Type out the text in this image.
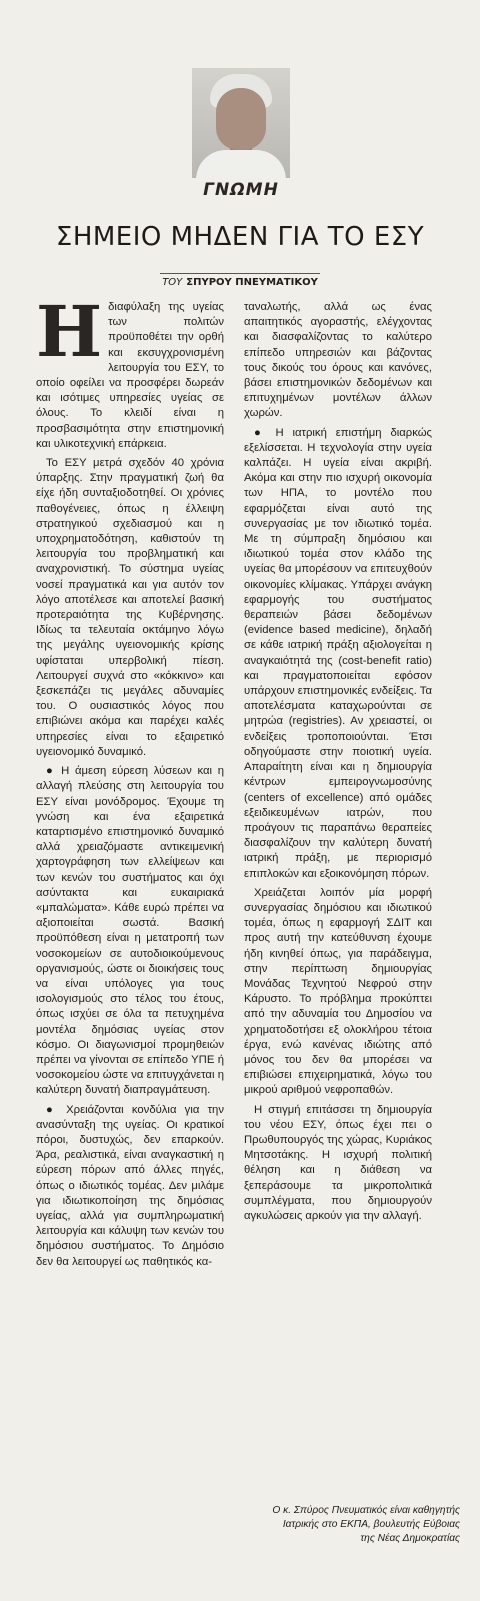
ΓΝΩΜΗ
ΣΗΜΕΙΟ ΜΗΔΕΝ ΓΙΑ ΤΟ ΕΣΥ
ΤΟΥ ΣΠΥΡΟΥ ΠΝΕΥΜΑΤΙΚΟΥ
Η διαφύλαξη της υγείας των πολιτών προϋποθέτει την ορθή και εκσυγχρονισμένη λειτουργία του ΕΣΥ, το οποίο οφείλει να προσφέρει δωρεάν και ισότιμες υπηρεσίες υγείας σε όλους. Το κλειδί είναι η προσβασιμότητα στην επιστημονική και υλικοτεχνική επάρκεια.

Το ΕΣΥ μετρά σχεδόν 40 χρόνια ύπαρξης. Στην πραγματική ζωή θα είχε ήδη συνταξιοδοτηθεί. Οι χρόνιες παθογένειες, όπως η έλλειψη στρατηγικού σχεδιασμού και η υποχρηματοδότηση, καθιστούν τη λειτουργία του προβληματική και αναχρονιστική. Το σύστημα υγείας νοσεί πραγματικά και για αυτόν τον λόγο αποτέλεσε και αποτελεί βασική προτεραιότητα της Κυβέρνησης. Ιδίως τα τελευταία οκτάμηνο λόγω της μεγάλης υγειονομικής κρίσης υφίσταται υπερβολική πίεση. Λειτουργεί συχνά στο «κόκκινο» και ξεσκεπάζει τις μεγάλες αδυναμίες του. Ο ουσιαστικός λόγος που επιβιώνει ακόμα και παρέχει καλές υπηρεσίες είναι το εξαιρετικό υγειονομικό δυναμικό.

● Η άμεση εύρεση λύσεων και η αλλαγή πλεύσης στη λειτουργία του ΕΣΥ είναι μονόδρομος. Έχουμε τη γνώση και ένα εξαιρετικά καταρτισμένο επιστημονικό δυναμικό αλλά χρειαζόμαστε αντικειμενική χαρτογράφηση των ελλείψεων και των κενών του συστήματος και όχι ασύντακτα και ευκαιριακά «μπαλώματα». Κάθε ευρώ πρέπει να αξιοποιείται σωστά. Βασική προϋπόθεση είναι η μετατροπή των νοσοκομείων σε αυτοδιοικούμενους οργανισμούς, ώστε οι διοικήσεις τους να είναι υπόλογες για τους ισολογισμούς στο τέλος του έτους, όπως ισχύει σε όλα τα πετυχημένα μοντέλα δημόσιας υγείας στον κόσμο. Οι διαγωνισμοί προμηθειών πρέπει να γίνονται σε επίπεδο ΥΠΕ ή νοσοκομείου ώστε να επιτυγχάνεται η καλύτερη δυνατή διαπραγμάτευση.

● Χρειάζονται κονδύλια για την ανασύνταξη της υγείας. Οι κρατικοί πόροι, δυστυχώς, δεν επαρκούν. Άρα, ρεαλιστικά, είναι αναγκαστική η εύρεση πόρων από άλλες πηγές, όπως ο ιδιωτικός τομέας. Δεν μιλάμε για ιδιωτικοποίηση της δημόσιας υγείας, αλλά για συμπληρωματική λειτουργία και κάλυψη των κενών του δημόσιου συστήματος. Το Δημόσιο δεν θα λειτουργεί ως παθητικός κα-

ταναλωτής, αλλά ως ένας απαιτητικός αγοραστής, ελέγχοντας και διασφαλίζοντας το καλύτερο επίπεδο υπηρεσιών και βάζοντας τους δικούς του όρους και κανόνες, βάσει επιστημονικών δεδομένων και επιτυχημένων μοντέλων άλλων χωρών.

● Η ιατρική επιστήμη διαρκώς εξελίσσεται. Η τεχνολογία στην υγεία καλπάζει. Η υγεία είναι ακριβή. Ακόμα και στην πιο ισχυρή οικονομία των ΗΠΑ, το μοντέλο που εφαρμόζεται είναι αυτό της συνεργασίας με τον ιδιωτικό τομέα. Με τη σύμπραξη δημόσιου και ιδιωτικού τομέα στον κλάδο της υγείας θα μπορέσουν να επιτευχθούν οικονομίες κλίμακας. Υπάρχει ανάγκη εφαρμογής του συστήματος θεραπειών βάσει δεδομένων (evidence based medicine), δηλαδή σε κάθε ιατρική πράξη αξιολογείται η αναγκαιότητά της (cost-benefit ratio) και πραγματοποιείται εφόσον υπάρχουν επιστημονικές ενδείξεις. Τα αποτελέσματα καταχωρούνται σε μητρώα (registries). Αν χρειαστεί, οι ενδείξεις τροποποιούνται. Έτσι οδηγούμαστε στην ποιοτική υγεία. Απαραίτητη είναι και η δημιουργία κέντρων εμπειρογνωμοσύνης (centers of excellence) από ομάδες εξειδικευμένων ιατρών, που προάγουν τις παραπάνω θεραπείες διασφαλίζουν την καλύτερη δυνατή ιατρική πράξη, με περιορισμό επιπλοκών και εξοικονόμηση πόρων.

Χρειάζεται λοιπόν μία μορφή συνεργασίας δημόσιου και ιδιωτικού τομέα, όπως η εφαρμογή ΣΔΙΤ και προς αυτή την κατεύθυνση έχουμε ήδη κινηθεί όπως, για παράδειγμα, στην περίπτωση δημιουργίας Μονάδας Τεχνητού Νεφρού στην Κάρυστο. Το πρόβλημα προκύπτει από την αδυναμία του Δημοσίου να χρηματοδοτήσει εξ ολοκλήρου τέτοια έργα, ενώ κανένας ιδιώτης από μόνος του δεν θα μπορέσει να επιβιώσει επιχειρηματικά, λόγω του μικρού αριθμού νεφροπαθών.

Η στιγμή επιτάσσει τη δημιουργία του νέου ΕΣΥ, όπως έχει πει ο Πρωθυπουργός της χώρας, Κυριάκος Μητσοτάκης. Η ισχυρή πολιτική θέληση και η διάθεση να ξεπεράσουμε τα μικροπολιτικά συμπλέγματα, που δημιουργούν αγκυλώσεις αρκούν για την αλλαγή.

Ο κ. Σπύρος Πνευματικός είναι καθηγητής Ιατρικής στο ΕΚΠΑ, βουλευτής Εύβοιας της Νέας Δημοκρατίας
